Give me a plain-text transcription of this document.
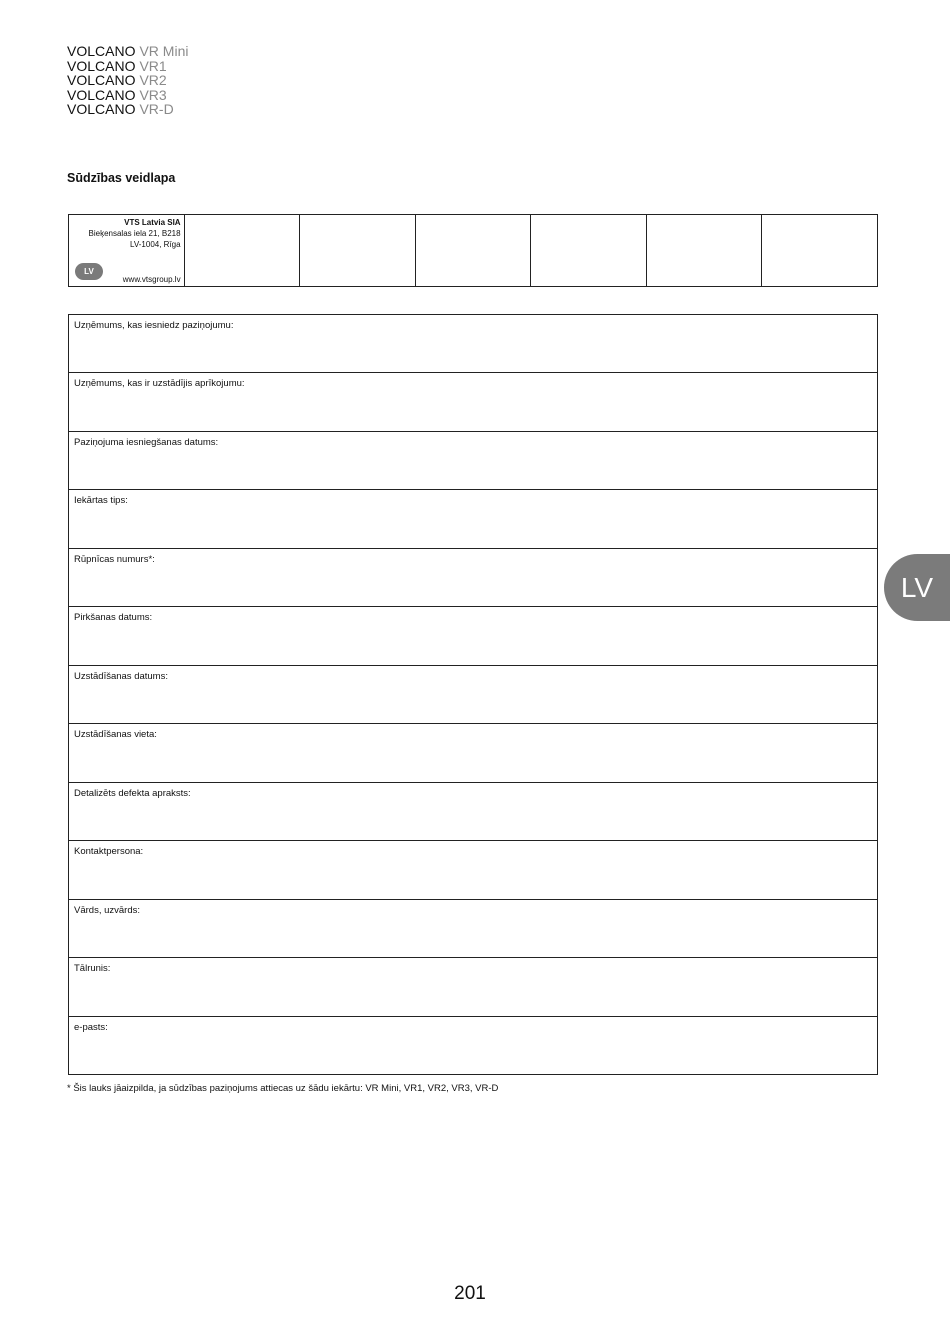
VOLCANO VR Mini
VOLCANO VR1
VOLCANO VR2
VOLCANO VR3
VOLCANO VR-D
Sūdzības veidlapa
VTS Latvia SIA
Bieķensalas iela 21, B218
LV-1004, Rīga
LV
www.vtsgroup.lv
Uzņēmums, kas iesniedz paziņojumu:
Uzņēmums, kas ir uzstādījis aprīkojumu:
Paziņojuma iesniegšanas datums:
Iekārtas tips:
Rūpnīcas numurs*:
Pirkšanas datums:
Uzstādīšanas datums:
Uzstādīšanas vieta:
Detalizēts defekta apraksts:
Kontaktpersona:
Vārds, uzvārds:
Tālrunis:
e-pasts:
* Šis lauks jāaizpilda, ja sūdzības paziņojums attiecas uz šādu iekārtu: VR Mini, VR1, VR2, VR3, VR-D
LV
201
